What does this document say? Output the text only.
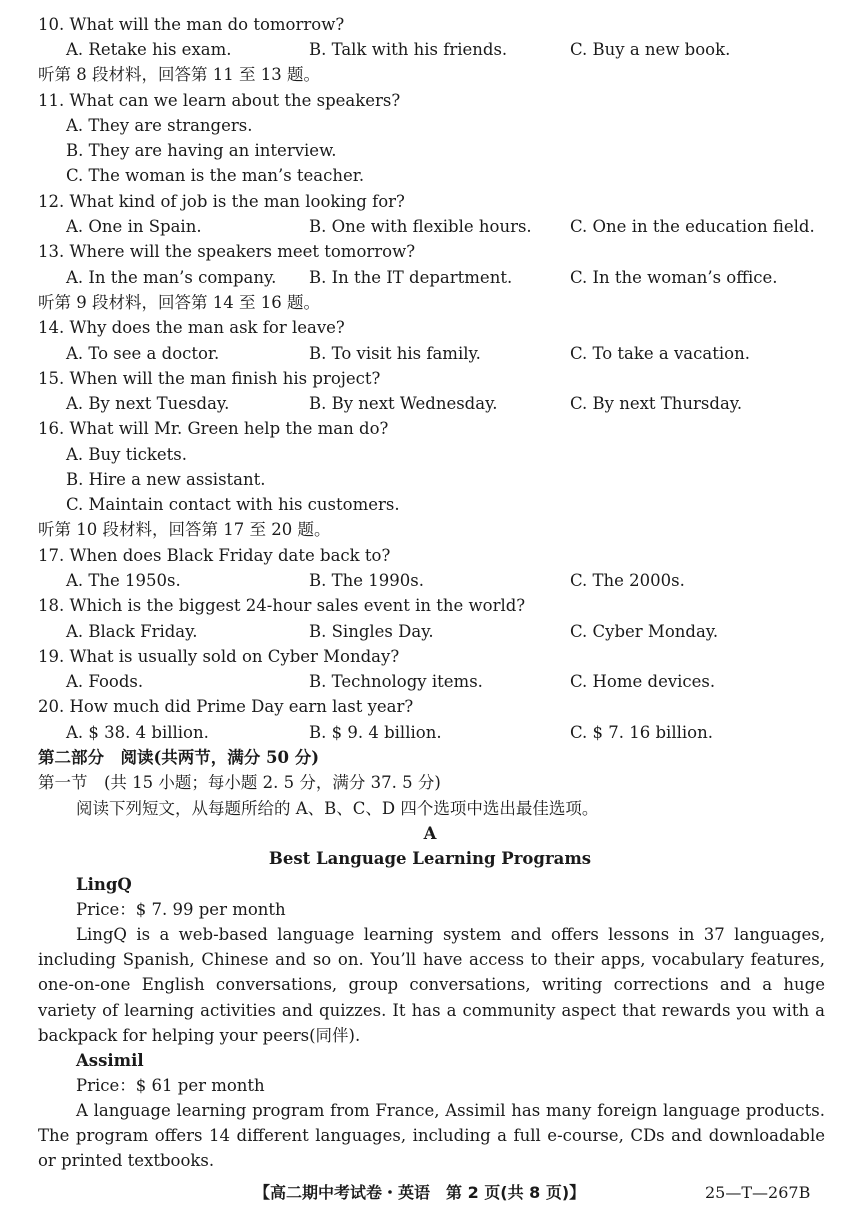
10. What will the man do tomorrow?
A. Retake his exam.	B. Talk with his friends.	C. Buy a new book.
听第 8 段材料，回答第 11 至 13 题。
11. What can we learn about the speakers?
A. They are strangers.
B. They are having an interview.
C. The woman is the man’s teacher.
12. What kind of job is the man looking for?
A. One in Spain.	B. One with flexible hours. C. One in the education field.
13. Where will the speakers meet tomorrow?
A. In the man’s company. B. In the IT department.	C. In the woman’s office.
听第 9 段材料，回答第 14 至 16 题。
14. Why does the man ask for leave?
A. To see a doctor.	B. To visit his family.	C. To take a vacation.
15. When will the man finish his project?
A. By next Tuesday.	B. By next Wednesday.	C. By next Thursday.
16. What will Mr. Green help the man do?
A. Buy tickets.
B. Hire a new assistant.
C. Maintain contact with his customers.
听第 10 段材料，回答第 17 至 20 题。
17. When does Black Friday date back to?
A. The 1950s.	B. The 1990s.	C. The 2000s.
18. Which is the biggest 24-hour sales event in the world?
A. Black Friday.	B. Singles Day.	C. Cyber Monday.
19. What is usually sold on Cyber Monday?
A. Foods.	B. Technology items.	C. Home devices.
20. How much did Prime Day earn last year?
A. $ 38. 4 billion.	B. $ 9. 4 billion.	C. $ 7. 16 billion.
第二部分　阅读(共两节，满分 50 分)
第一节　(共 15 小题；每小题 2. 5 分，满分 37. 5 分)
阅读下列短文，从每题所给的 A、B、C、D 四个选项中选出最佳选项。
A
Best Language Learning Programs
LingQ
Price：$ 7. 99 per month
LingQ is a web-based language learning system and offers lessons in 37 languages, including Spanish, Chinese and so on. You’ll have access to their apps, vocabulary features, one-on-one English conversations, group conversations, writing corrections and a huge variety of learning activities and quizzes. It has a community aspect that rewards you with a backpack for helping your peers(同伴).
Assimil
Price：$ 61 per month
A language learning program from France, Assimil has many foreign language products. The program offers 14 different languages, including a full e-course, CDs and downloadable or printed textbooks.
【高二期中考试卷・英语　第 2 页(共 8 页)】	25—T—267B
